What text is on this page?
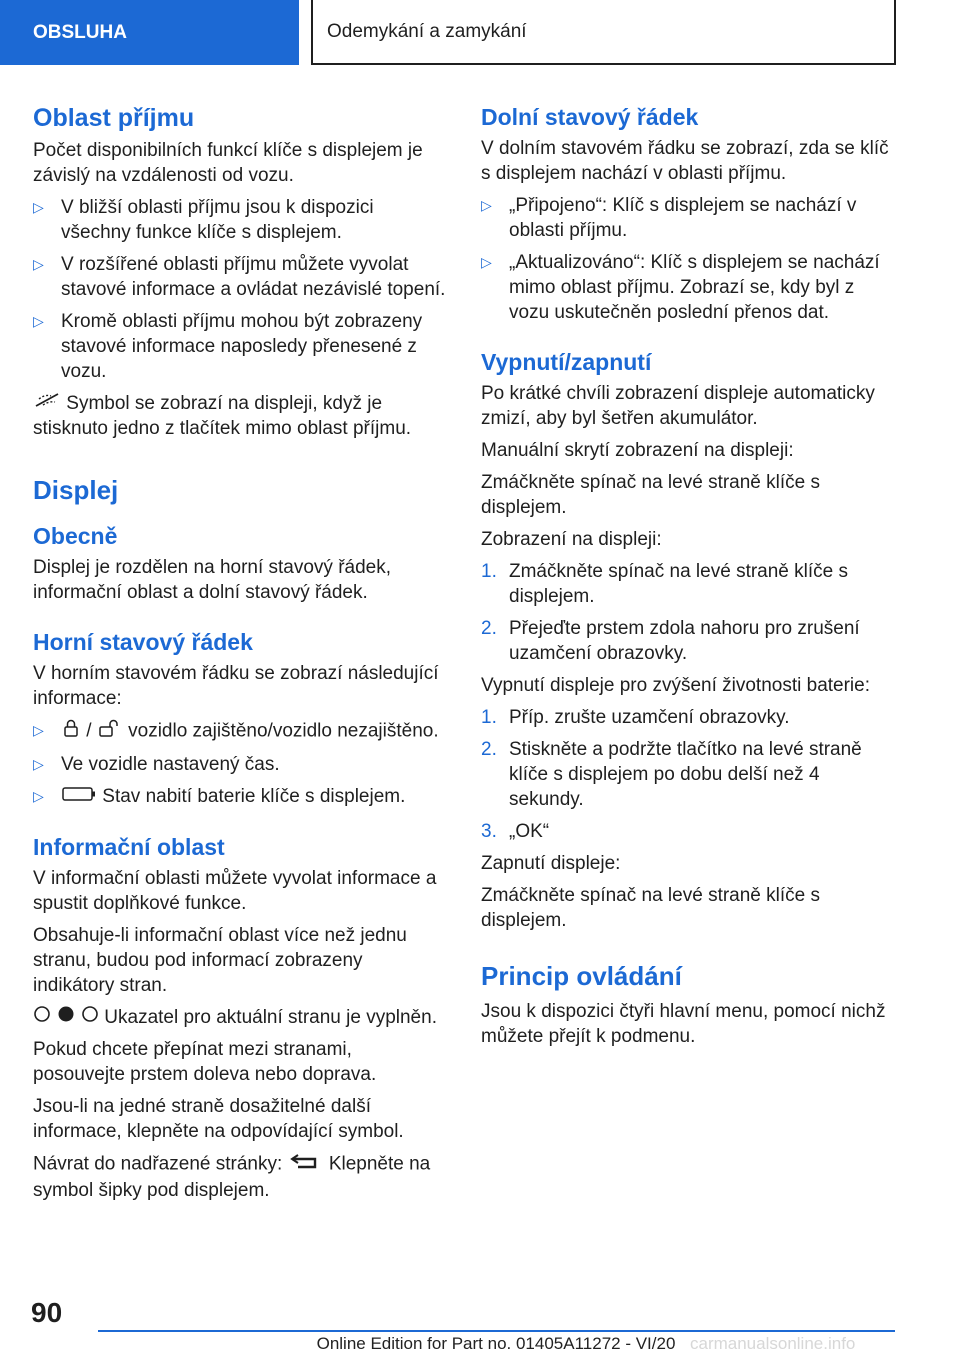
OBSLUHA	Odemykání a zamykání
Oblast příjmu

Počet disponibilních funkcí klíče s displejem je závislý na vzdálenosti od vozu.

▷ V bližší oblasti příjmu jsou k dispozici všechny funkce klíče s displejem.
▷ V rozšířené oblasti příjmu můžete vyvolat stavové informace a ovládat nezávislé topení.
▷ Kromě oblasti příjmu mohou být zobrazeny stavové informace naposledy přenesené z vozu.

Symbol se zobrazí na displeji, když je stisknuto jedno z tlačítek mimo oblast příjmu.

Displej
Obecně

Displej je rozdělen na horní stavový řádek, informační oblast a dolní stavový řádek.

Horní stavový řádek

V horním stavovém řádku se zobrazí následující informace:

▷ / vozidlo zajištěno/vozidlo nezajištěno.
▷ Ve vozidle nastavený čas.
▷	Stav nabití baterie klíče s displejem.
Informační oblast

V informační oblasti můžete vyvolat informace a spustit doplňkové funkce.

Obsahuje-li informační oblast více než jednu stranu, budou pod informací zobrazeny indikátory stran.

Ukazatel pro aktuální stranu je vyplněn.

Pokud chcete přepínat mezi stranami, posouvejte prstem doleva nebo doprava.

Jsou-li na jedné straně dosažitelné další informace, klepněte na odpovídající symbol.

Návrat do nadřazené stránky: Klepněte na symbol šipky pod displejem.

Dolní stavový řádek

V dolním stavovém řádku se zobrazí, zda se klíč s displejem nachází v oblasti příjmu.

▷ „Připojeno“: Klíč s displejem se nachází v oblasti příjmu.
▷ „Aktualizováno“: Klíč s displejem se nachází mimo oblast příjmu. Zobrazí se, kdy byl z vozu uskutečněn poslední přenos dat.
Vypnutí/zapnutí

Po krátké chvíli zobrazení displeje automaticky zmizí, aby byl šetřen akumulátor.

Manuální skrytí zobrazení na displeji:

Zmáčkněte spínač na levé straně klíče s displejem.

Zobrazení na displeji:

1. Zmáčkněte spínač na levé straně klíče s displejem.
2. Přejeďte prstem zdola nahoru pro zrušení uzamčení obrazovky.

Vypnutí displeje pro zvýšení životnosti baterie:

1. Příp. zrušte uzamčení obrazovky.
2. Stiskněte a podržte tlačítko na levé straně klíče s displejem po dobu delší než 4 sekundy.
3. „OK“

Zapnutí displeje:

Zmáčkněte spínač na levé straně klíče s displejem.

Princip ovládání

Jsou k dispozici čtyři hlavní menu, pomocí nichž můžete přejít k podmenu.

90
Online Edition for Part no. 01405A11272 - VI/20 carmanualsonline.info
